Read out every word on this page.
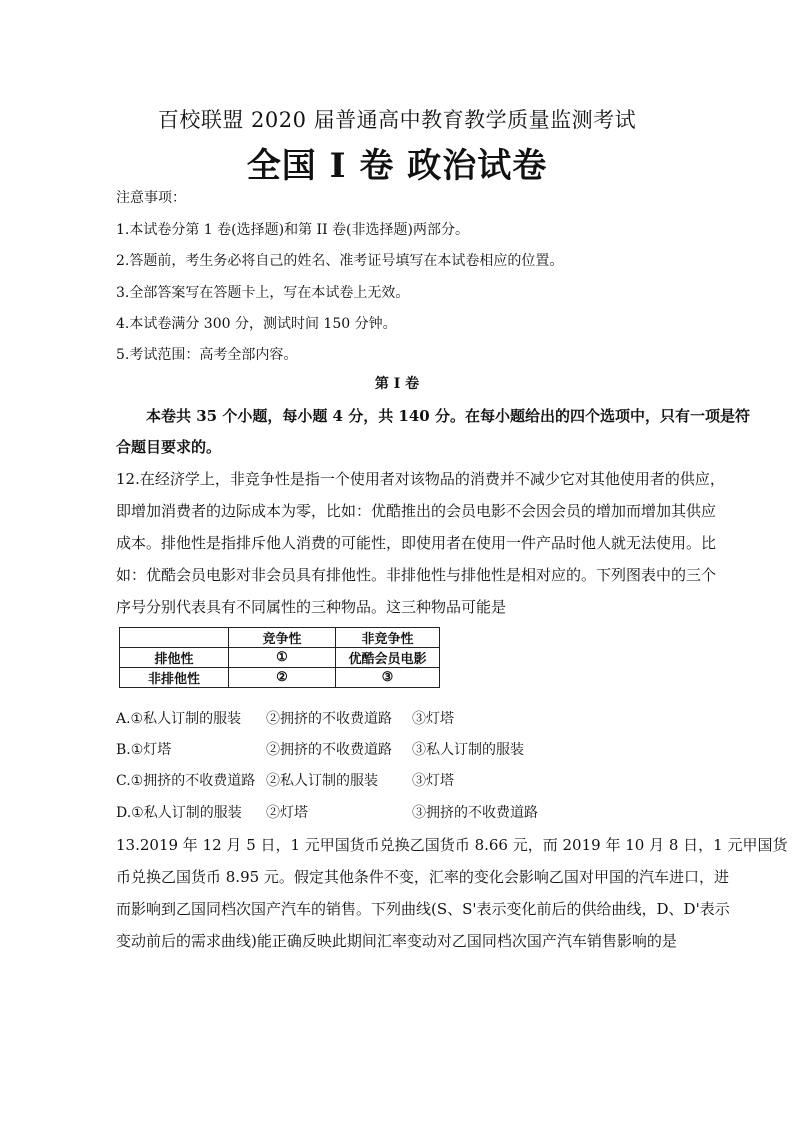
百校联盟 2020 届普通高中教育教学质量监测考试
全国 I 卷 政治试卷
注意事项：
1.本试卷分第 1 卷(选择题)和第 II 卷(非选择题)两部分。
2.答题前，考生务必将自己的姓名、准考证号填写在本试卷相应的位置。
3.全部答案写在答题卡上，写在本试卷上无效。
4.本试卷满分 300 分，测试时间 150 分钟。
5.考试范围：高考全部内容。
第 I 卷
本卷共 35 个小题，每小题 4 分，共 140 分。在每小题给出的四个选项中，只有一项是符
合题目要求的。
12.在经济学上，非竞争性是指一个使用者对该物品的消费并不减少它对其他使用者的供应，
即增加消费者的边际成本为零，比如：优酷推出的会员电影不会因会员的增加而增加其供应
成本。排他性是指排斥他人消费的可能性，即使用者在使用一件产品时他人就无法使用。比
如：优酷会员电影对非会员具有排他性。非排他性与排他性是相对应的。下列图表中的三个
序号分别代表具有不同属性的三种物品。这三种物品可能是
	竞争性	非竞争性
排他性	①	优酷会员电影
非排他性	②	③
A.①私人订制的服装 ②拥挤的不收费道路 ③灯塔
B.①灯塔	②拥挤的不收费道路 ③私人订制的服装
C.①拥挤的不收费道路 ②私人订制的服装 ③灯塔
D.①私人订制的服装 ②灯塔	③拥挤的不收费道路
13.2019 年 12 月 5 日，1 元甲国货币兑换乙国货币 8.66 元，而 2019 年 10 月 8 日，1 元甲国货
币兑换乙国货币 8.95 元。假定其他条件不变，汇率的变化会影响乙国对甲国的汽车进口，进
而影响到乙国同档次国产汽车的销售。下列曲线(S、S'表示变化前后的供给曲线，D、D'表示
变动前后的需求曲线)能正确反映此期间汇率变动对乙国同档次国产汽车销售影响的是
